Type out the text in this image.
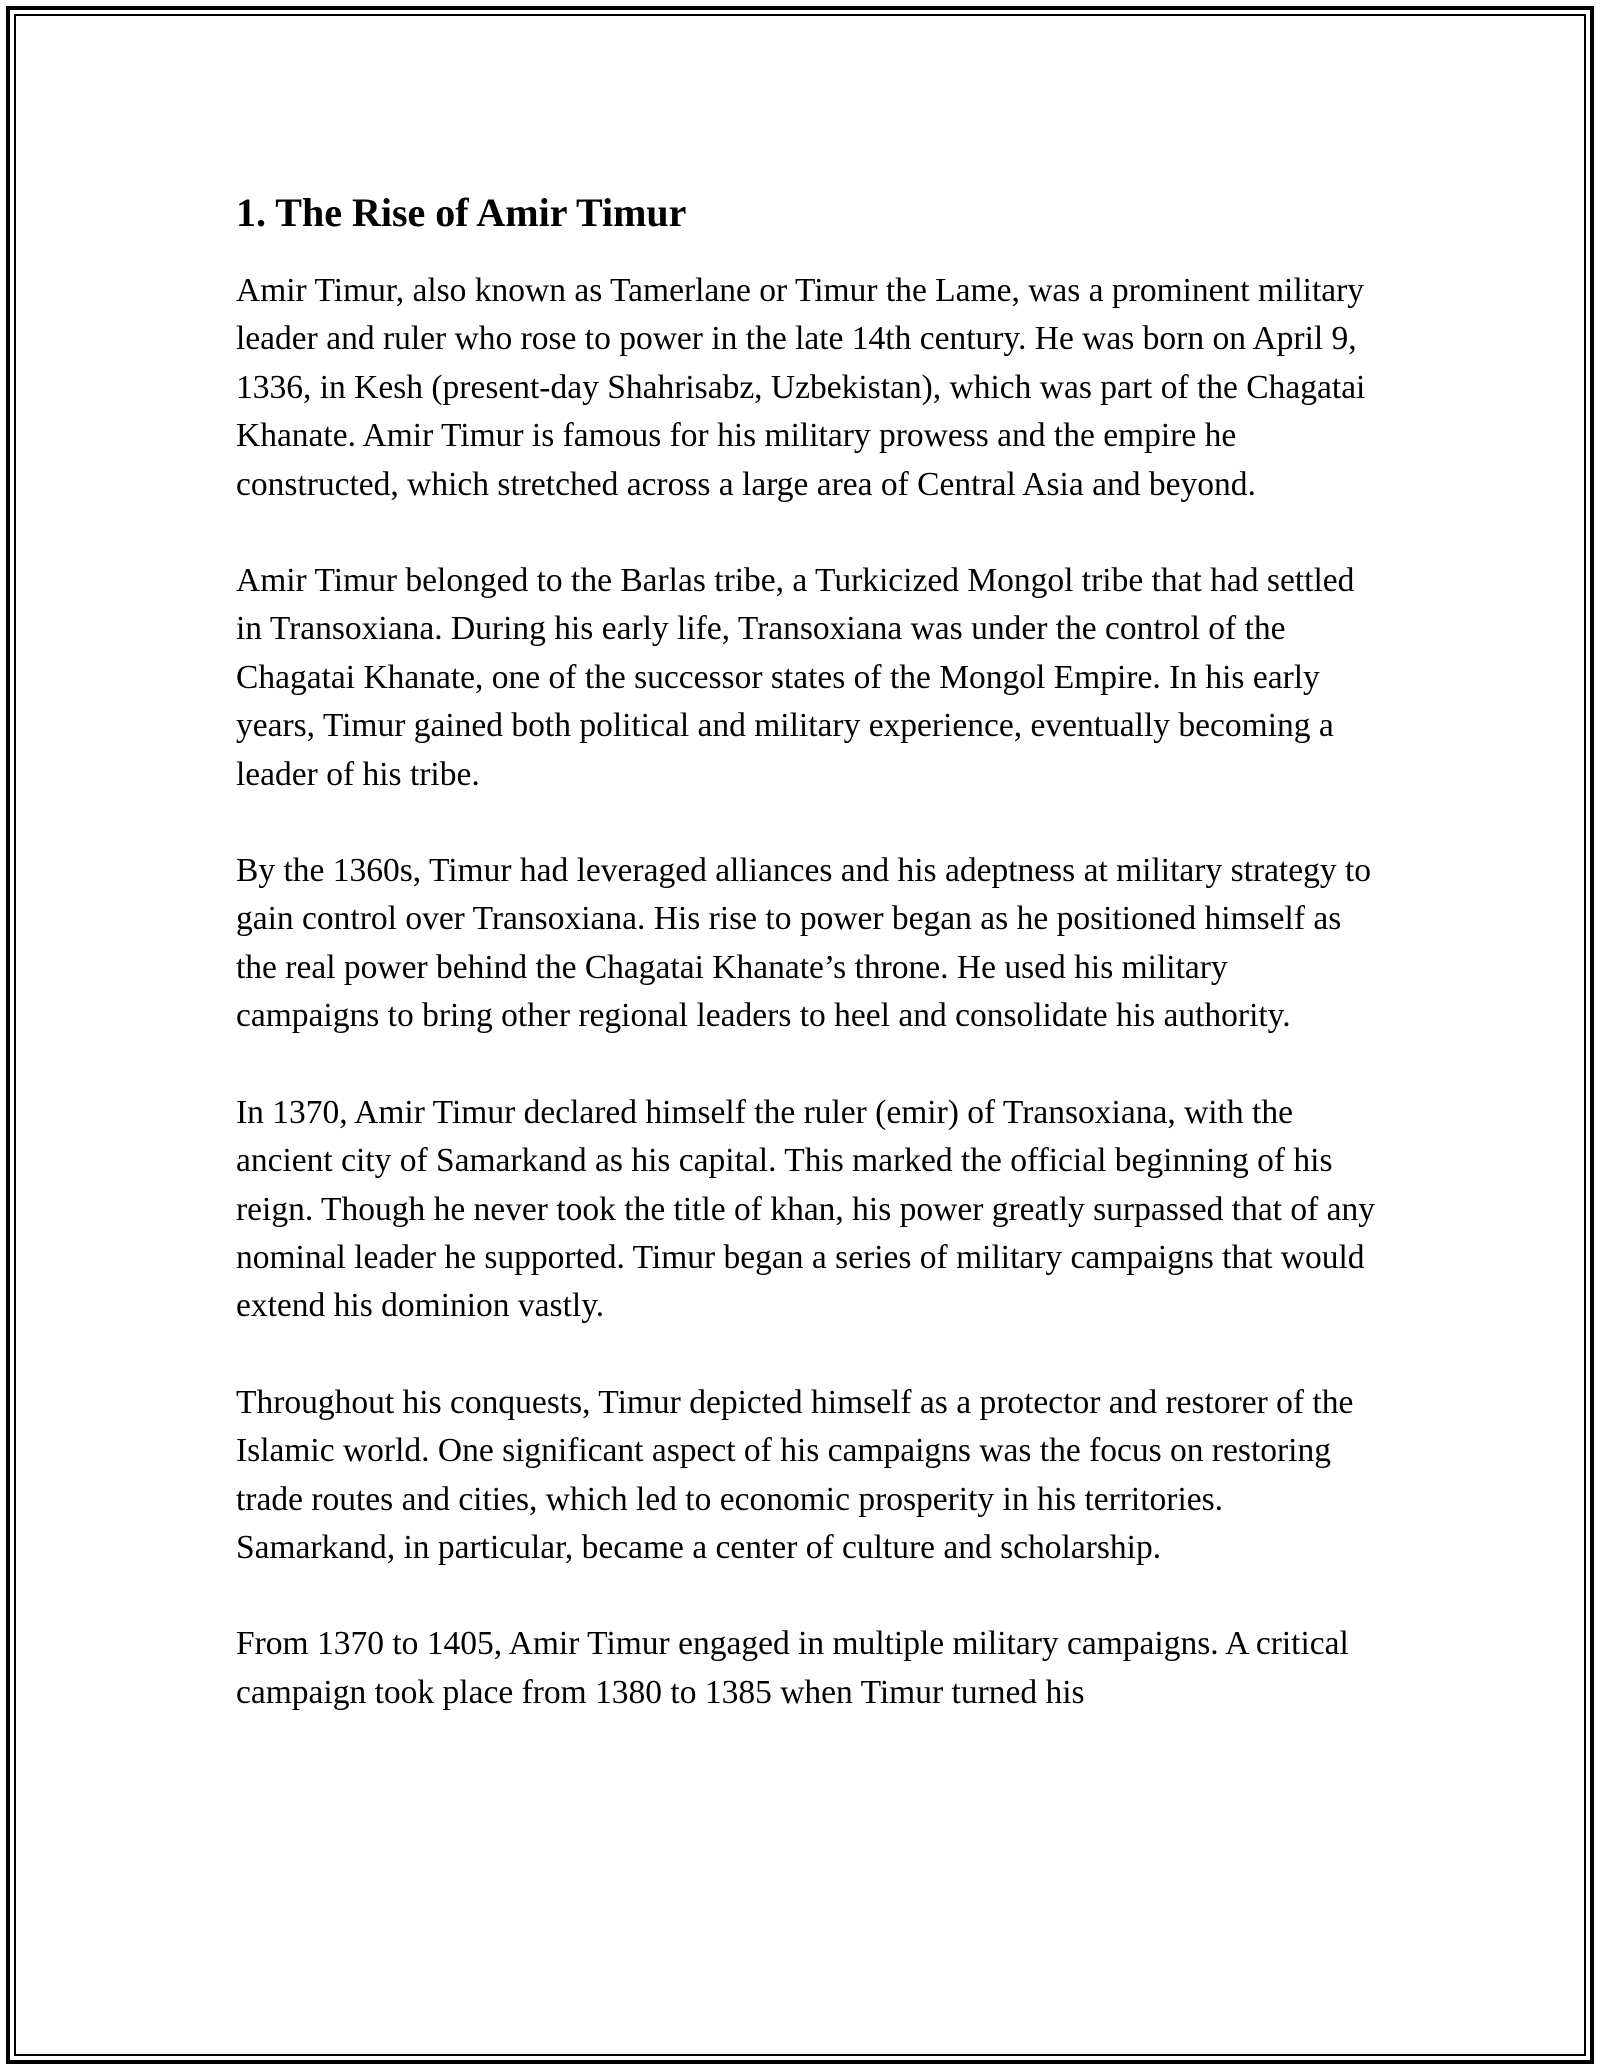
1. The Rise of Amir Timur

Amir Timur, also known as Tamerlane or Timur the Lame, was a prominent military leader and ruler who rose to power in the late 14th century. He was born on April 9, 1336, in Kesh (present-day Shahrisabz, Uzbekistan), which was part of the Chagatai Khanate. Amir Timur is famous for his military prowess and the empire he constructed, which stretched across a large area of Central Asia and beyond.

Amir Timur belonged to the Barlas tribe, a Turkicized Mongol tribe that had settled in Transoxiana. During his early life, Transoxiana was under the control of the Chagatai Khanate, one of the successor states of the Mongol Empire. In his early years, Timur gained both political and military experience, eventually becoming a leader of his tribe.

By the 1360s, Timur had leveraged alliances and his adeptness at military strategy to gain control over Transoxiana. His rise to power began as he positioned himself as the real power behind the Chagatai Khanate’s throne. He used his military campaigns to bring other regional leaders to heel and consolidate his authority.

In 1370, Amir Timur declared himself the ruler (emir) of Transoxiana, with the ancient city of Samarkand as his capital. This marked the official beginning of his reign. Though he never took the title of khan, his power greatly surpassed that of any nominal leader he supported. Timur began a series of military campaigns that would extend his dominion vastly.

Throughout his conquests, Timur depicted himself as a protector and restorer of the Islamic world. One significant aspect of his campaigns was the focus on restoring trade routes and cities, which led to economic prosperity in his territories. Samarkand, in particular, became a center of culture and scholarship.

From 1370 to 1405, Amir Timur engaged in multiple military campaigns. A critical campaign took place from 1380 to 1385 when Timur turned his
